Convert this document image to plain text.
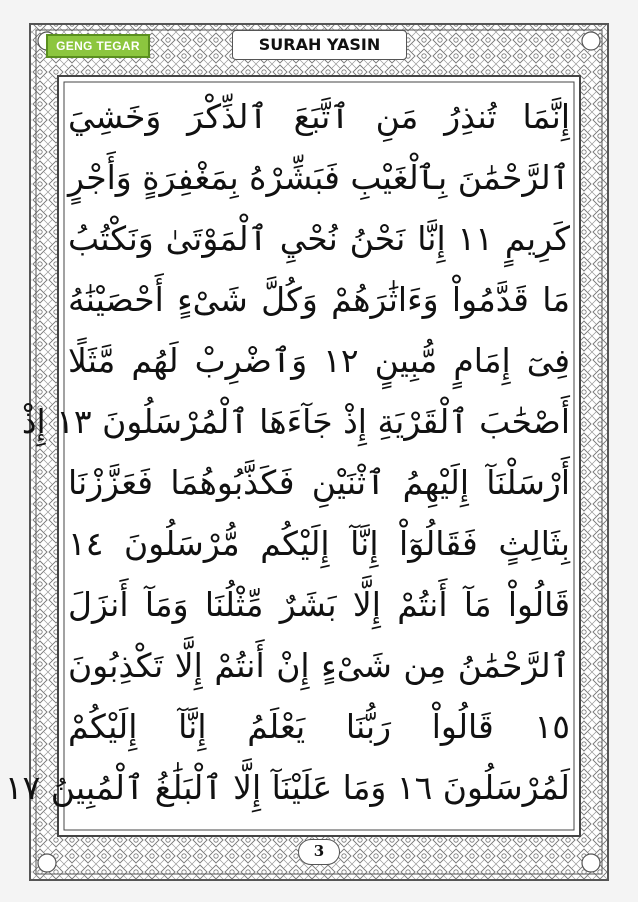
GENG TEGAR	SURAH YASIN
إِنَّمَا تُنذِرُ مَنِ ٱتَّبَعَ ٱلذِّكْرَ وَخَشِيَ
ٱلرَّحْمَٰنَ بِٱلْغَيْبِ فَبَشِّرْهُ بِمَغْفِرَةٍ وَأَجْرٍ
كَرِيمٍ ١١ إِنَّا نَحْنُ نُحْيِ ٱلْمَوْتَىٰ وَنَكْتُبُ
مَا قَدَّمُواْ وَءَاثَٰرَهُمْ وَكُلَّ شَىْءٍ أَحْصَيْنَٰهُ
فِىٓ إِمَامٍ مُّبِينٍ ١٢ وَٱضْرِبْ لَهُم مَّثَلًا
أَصْحَٰبَ ٱلْقَرْيَةِ إِذْ جَآءَهَا ٱلْمُرْسَلُونَ ١٣ إِذْ
أَرْسَلْنَآ إِلَيْهِمُ ٱثْنَيْنِ فَكَذَّبُوهُمَا فَعَزَّزْنَا
بِثَالِثٍ فَقَالُوٓاْ إِنَّآ إِلَيْكُم مُّرْسَلُونَ ١٤
قَالُواْ مَآ أَنتُمْ إِلَّا بَشَرٌ مِّثْلُنَا وَمَآ أَنزَلَ
ٱلرَّحْمَٰنُ مِن شَىْءٍ إِنْ أَنتُمْ إِلَّا تَكْذِبُونَ
١٥ قَالُواْ رَبُّنَا يَعْلَمُ إِنَّآ إِلَيْكُمْ
لَمُرْسَلُونَ ١٦ وَمَا عَلَيْنَآ إِلَّا ٱلْبَلَٰغُ ٱلْمُبِينُ ١٧
3
